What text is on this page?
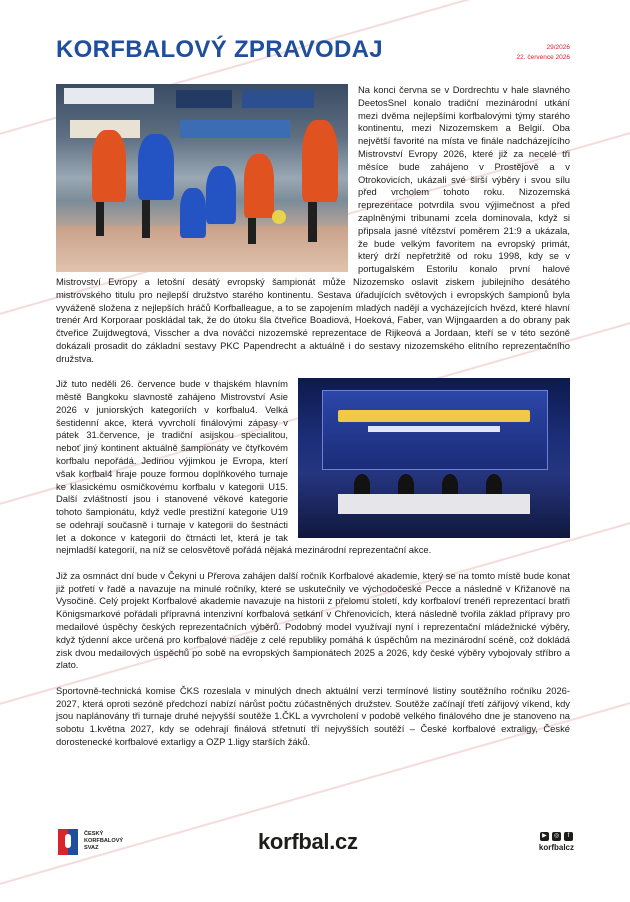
KORFBALOVÝ ZPRAVODAJ	29/2026
22. července 2026

Na konci června se v Dordrechtu v hale slavného DeetosSnel konalo tradiční mezinárodní utkání mezi dvěma nejlepšími korfbalovými týmy starého kontinentu, mezi Nizozemskem a Belgií. Oba největší favorité na místa ve finále nadcházejícího Mistrovství Evropy 2026, které již za necelé tři měsíce bude zahájeno v Prostějově a v Otrokovicích, ukázali své širší výběry i svou sílu před vrcholem tohoto roku. Nizozemská reprezentace potvrdila svou výjimečnost a před zaplněnými tribunami zcela dominovala, když si připsala jasné vítězství poměrem 21:9 a ukázala, že bude velkým favoritem na evropský primát, který drží nepřetržitě od roku 1998, kdy se v portugalském Estorilu konalo první halové Mistrovství Evropy a letošní desátý evropský šampionát může Nizozemsko oslavit ziskem jubilejního desátého mistrovského titulu pro nejlepší družstvo starého kontinentu. Sestava úřadujících světových i evropských šampionů byla vyváženě složena z nejlepších hráčů Korfballeague, a to se zapojením mladých nadějí a vycházejících hvězd, které hlavní trenér Ard Korporaar poskládal tak, že do útoku šla čtveřice Boadiová, Hoeková, Faber, van Wijngaarden a do obrany pak čtveřice Zuijdwegtová, Visscher a dva nováčci nizozemské reprezentace de Rijkeová a Jordaan, kteří se v této sezóně dokázali prosadit do základní sestavy PKC Papendrecht a aktuálně i do sestavy nizozemského elitního reprezentačního družstva.

Již tuto neděli 26. července bude v thajském hlavním městě Bangkoku slavnostě zahájeno Mistrovství Asie 2026 v juniorských kategoriích v korfbalu4. Velká šestidenní akce, která vyvrcholí finálovými zápasy v pátek 31.července, je tradiční asijskou specialitou, neboť jiný kontinent aktuálně šampionáty ve čtyřkovém korfbalu nepořádá. Jedinou výjimkou je Evropa, kterí však korfbal4 hraje pouze formou doplňkového turnaje ke klasickému osmičkovému korfbalu v kategorii U15. Další zvláštností jsou i stanovené věkové kategorie tohoto šampionátu, když vedle prestižní kategorie U19 se odehrají současně i turnaje v kategorii do šestnácti let a dokonce v kategorii do čtrnácti let, která je tak nejmladší kategorií, na níž se celosvětově pořádá nějaká mezinárodní reprezentační akce.

Již za osmnáct dní bude v Čekyni u Přerova zahájen další ročník Korfbalové akademie, který se na tomto místě bude konat již potřetí v řadě a navazuje na minulé ročníky, které se uskutečnily ve východočeské Pecce a následně v Křižanově na Vysočině. Celý projekt Korfbalové akademie navazuje na historii z přelomu století, kdy korfbaloví trenéři reprezentací bratři Königsmarkové pořádali přípravná intenzivní korfbalová setkání v Chřenovicích, která následně tvořila základ přípravy pro medailové úspěchy českých reprezentačních výběrů. Podobný model využívají nyní i reprezentační mládežnické výběry, když týdenní akce určená pro korfbalové naděje z celé republiky pomáhá k úspěchům na mezinárodní scéně, což dokládá zisk dvou medailových úspěchů po sobě na evropských šampionátech 2025 a 2026, kdy české výběry vybojovaly stříbro a zlato.

Sportovně-technická komise ČKS rozeslala v minulých dnech aktuální verzi termínové listiny soutěžního ročníku 2026-2027, která oproti sezóně předchozí nabízí nárůst počtu zúčastněných družstev. Soutěže začínají třetí zářijový víkend, kdy jsou naplánovány tři turnaje druhé nejvyšší soutěže 1.ČKL a vyvrcholení v podobě velkého finálového dne je stanoveno na sobotu 1.května 2027, kdy se odehrají finálová střetnutí tří nejvyšších soutěží – České korfbalové extraligy, České dorostenecké korfbalové extarligy a OZP 1.ligy starších žáků.

ČESKÝ
KORFBALOVÝ
SVAZ	korfbal.cz	▶	◎	f
korfbalcz
